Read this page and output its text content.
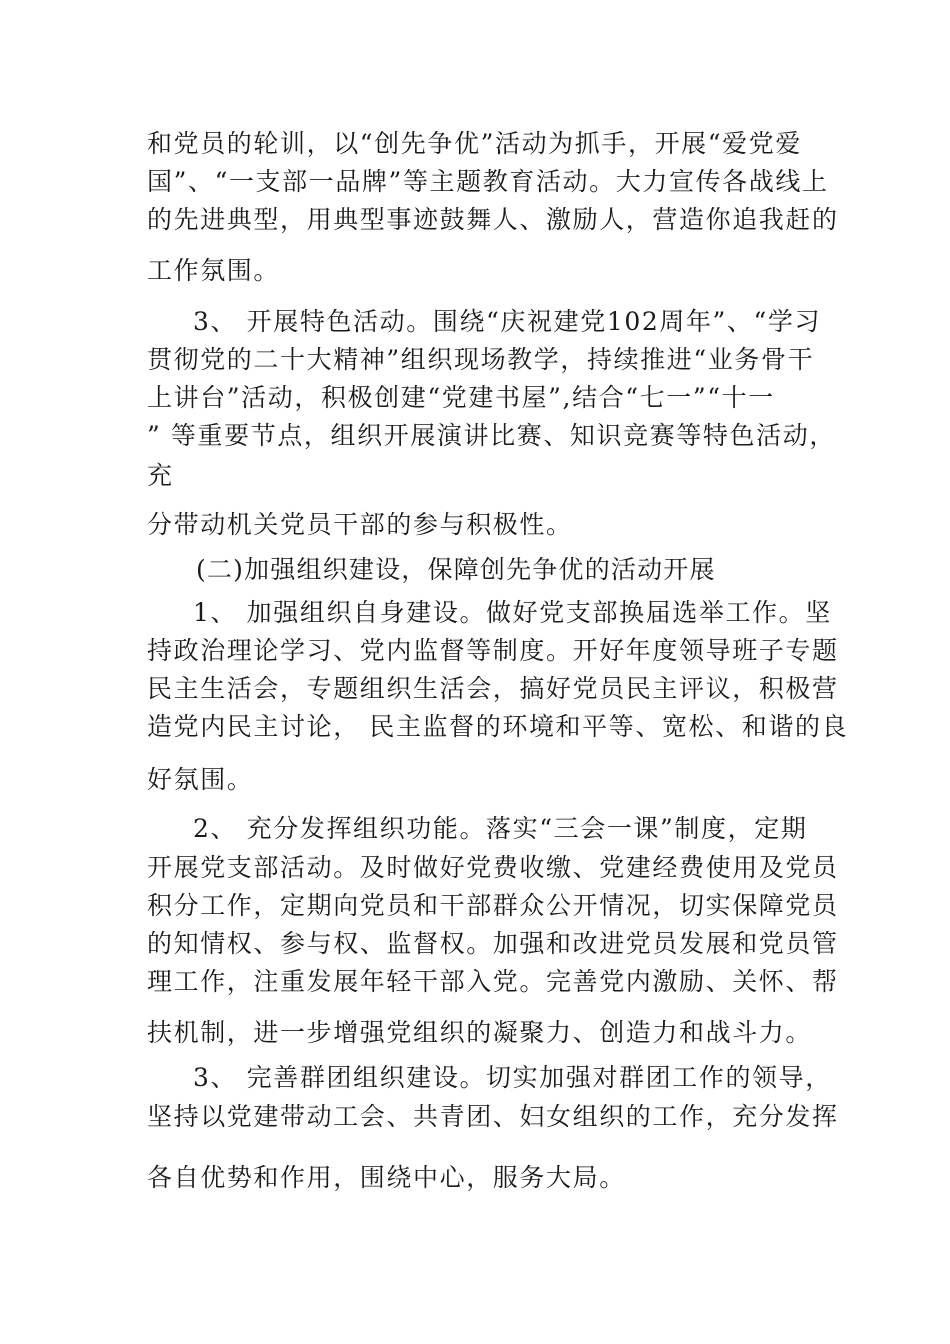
和党员的轮训，以“创先争优”活动为抓手，开展“爱党爱
国”、“一支部一品牌”等主题教育活动。大力宣传各战线上
的先进典型，用典型事迹鼓舞人、激励人，营造你追我赶的
工作氛围。
3、 开展特色活动。围绕“庆祝建党102周年”、“学习
贯彻党的二十大精神”组织现场教学，持续推进“业务骨干
上讲台”活动，积极创建“党建书屋”,结合“七一”“十一
” 等重要节点，组织开展演讲比赛、知识竞赛等特色活动，
充
分带动机关党员干部的参与积极性。
(二)加强组织建设，保障创先争优的活动开展
1、 加强组织自身建设。做好党支部换届选举工作。坚
持政治理论学习、党内监督等制度。开好年度领导班子专题
民主生活会，专题组织生活会，搞好党员民主评议，积极营
造党内民主讨论， 民主监督的环境和平等、宽松、和谐的良
好氛围。
2、 充分发挥组织功能。落实“三会一课”制度，定期
开展党支部活动。及时做好党费收缴、党建经费使用及党员
积分工作，定期向党员和干部群众公开情况，切实保障党员
的知情权、参与权、监督权。加强和改进党员发展和党员管
理工作，注重发展年轻干部入党。完善党内激励、关怀、帮
扶机制，进一步增强党组织的凝聚力、创造力和战斗力。
3、 完善群团组织建设。切实加强对群团工作的领导，
坚持以党建带动工会、共青团、妇女组织的工作，充分发挥
各自优势和作用，围绕中心，服务大局。
